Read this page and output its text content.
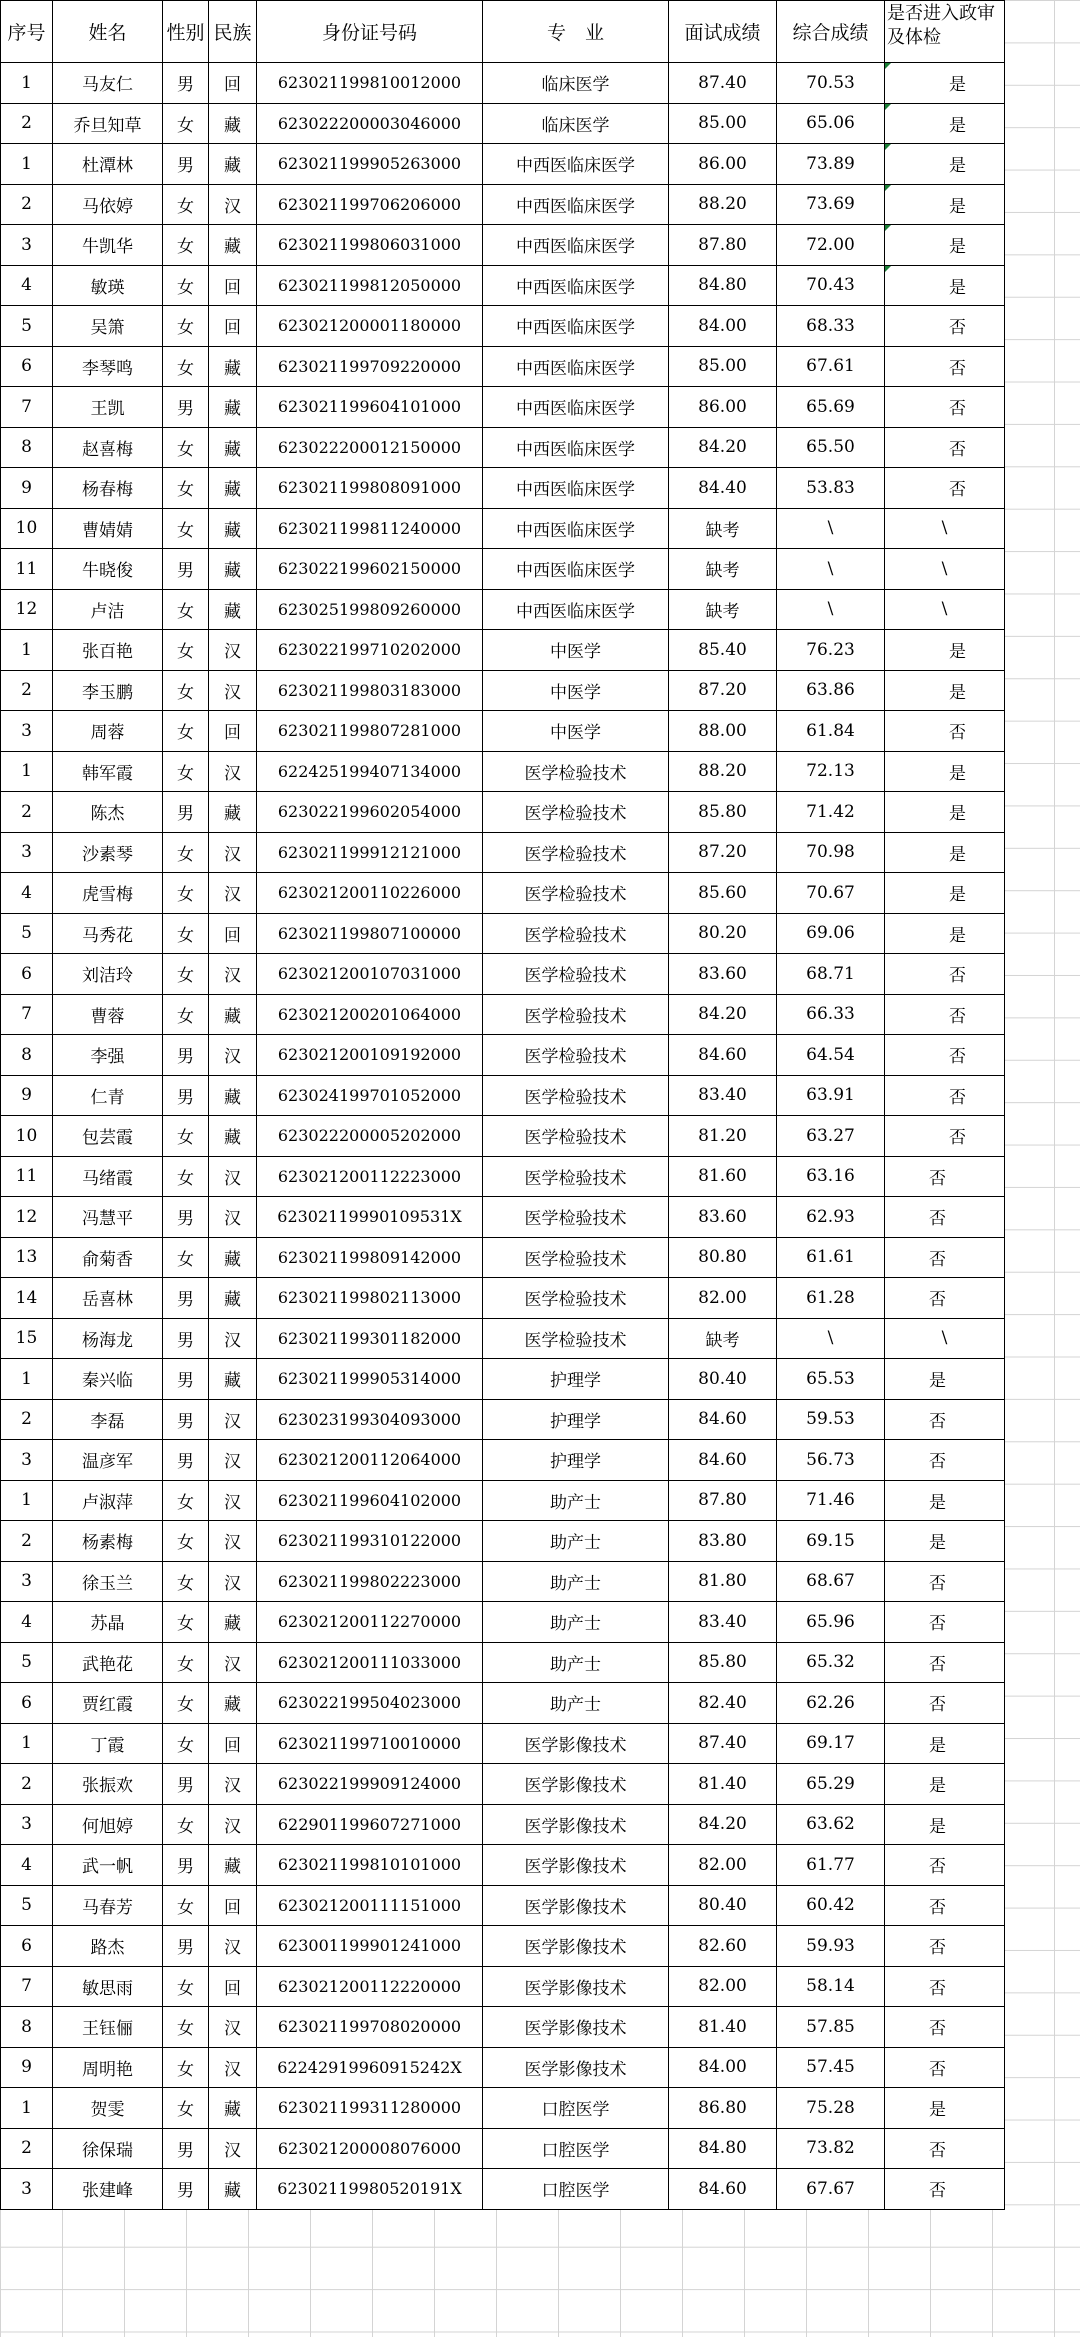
序号	姓名	性别	民族	身份证号码	专　业	面试成绩	综合成绩	是否进入政审及体检
1	马友仁	男	回	623021199810012000	临床医学	87.40	70.53	是
2	乔旦知草	女	藏	623022200003046000	临床医学	85.00	65.06	是
1	杜潭林	男	藏	623021199905263000	中西医临床医学	86.00	73.89	是
2	马依婷	女	汉	623021199706206000	中西医临床医学	88.20	73.69	是
3	牛凯华	女	藏	623021199806031000	中西医临床医学	87.80	72.00	是
4	敏瑛	女	回	623021199812050000	中西医临床医学	84.80	70.43	是
5	吴箫	女	回	623021200001180000	中西医临床医学	84.00	68.33	否
6	李琴鸣	女	藏	623021199709220000	中西医临床医学	85.00	67.61	否
7	王凯	男	藏	623021199604101000	中西医临床医学	86.00	65.69	否
8	赵喜梅	女	藏	623022200012150000	中西医临床医学	84.20	65.50	否
9	杨春梅	女	藏	623021199808091000	中西医临床医学	84.40	53.83	否
10	曹婧婧	女	藏	623021199811240000	中西医临床医学	缺考	\	\
11	牛晓俊	男	藏	623022199602150000	中西医临床医学	缺考	\	\
12	卢洁	女	藏	623025199809260000	中西医临床医学	缺考	\	\
1	张百艳	女	汉	623022199710202000	中医学	85.40	76.23	是
2	李玉鹏	女	汉	623021199803183000	中医学	87.20	63.86	是
3	周蓉	女	回	623021199807281000	中医学	88.00	61.84	否
1	韩军霞	女	汉	622425199407134000	医学检验技术	88.20	72.13	是
2	陈杰	男	藏	623022199602054000	医学检验技术	85.80	71.42	是
3	沙素琴	女	汉	623021199912121000	医学检验技术	87.20	70.98	是
4	虎雪梅	女	汉	623021200110226000	医学检验技术	85.60	70.67	是
5	马秀花	女	回	623021199807100000	医学检验技术	80.20	69.06	是
6	刘洁玲	女	汉	623021200107031000	医学检验技术	83.60	68.71	否
7	曹蓉	女	藏	623021200201064000	医学检验技术	84.20	66.33	否
8	李强	男	汉	623021200109192000	医学检验技术	84.60	64.54	否
9	仁青	男	藏	623024199701052000	医学检验技术	83.40	63.91	否
10	包芸霞	女	藏	623022200005202000	医学检验技术	81.20	63.27	否
11	马绪霞	女	汉	623021200112223000	医学检验技术	81.60	63.16	否
12	冯慧平	男	汉	62302119990109531X	医学检验技术	83.60	62.93	否
13	俞菊香	女	藏	623021199809142000	医学检验技术	80.80	61.61	否
14	岳喜林	男	藏	623021199802113000	医学检验技术	82.00	61.28	否
15	杨海龙	男	汉	623021199301182000	医学检验技术	缺考	\	\
1	秦兴临	男	藏	623021199905314000	护理学	80.40	65.53	是
2	李磊	男	汉	623023199304093000	护理学	84.60	59.53	否
3	温彦军	男	汉	623021200112064000	护理学	84.60	56.73	否
1	卢淑萍	女	汉	623021199604102000	助产士	87.80	71.46	是
2	杨素梅	女	汉	623021199310122000	助产士	83.80	69.15	是
3	徐玉兰	女	汉	623021199802223000	助产士	81.80	68.67	否
4	苏晶	女	藏	623021200112270000	助产士	83.40	65.96	否
5	武艳花	女	汉	623021200111033000	助产士	85.80	65.32	否
6	贾红霞	女	藏	623022199504023000	助产士	82.40	62.26	否
1	丁霞	女	回	623021199710010000	医学影像技术	87.40	69.17	是
2	张振欢	男	汉	623022199909124000	医学影像技术	81.40	65.29	是
3	何旭婷	女	汉	622901199607271000	医学影像技术	84.20	63.62	是
4	武一帆	男	藏	623021199810101000	医学影像技术	82.00	61.77	否
5	马春芳	女	回	623021200111151000	医学影像技术	80.40	60.42	否
6	路杰	男	汉	623001199901241000	医学影像技术	82.60	59.93	否
7	敏思雨	女	回	623021200112220000	医学影像技术	82.00	58.14	否
8	王钰俪	女	汉	623021199708020000	医学影像技术	81.40	57.85	否
9	周明艳	女	汉	62242919960915242X	医学影像技术	84.00	57.45	否
1	贺雯	女	藏	623021199311280000	口腔医学	86.80	75.28	是
2	徐保瑞	男	汉	623021200008076000	口腔医学	84.80	73.82	否
3	张建峰	男	藏	62302119980520191X	口腔医学	84.60	67.67	否
